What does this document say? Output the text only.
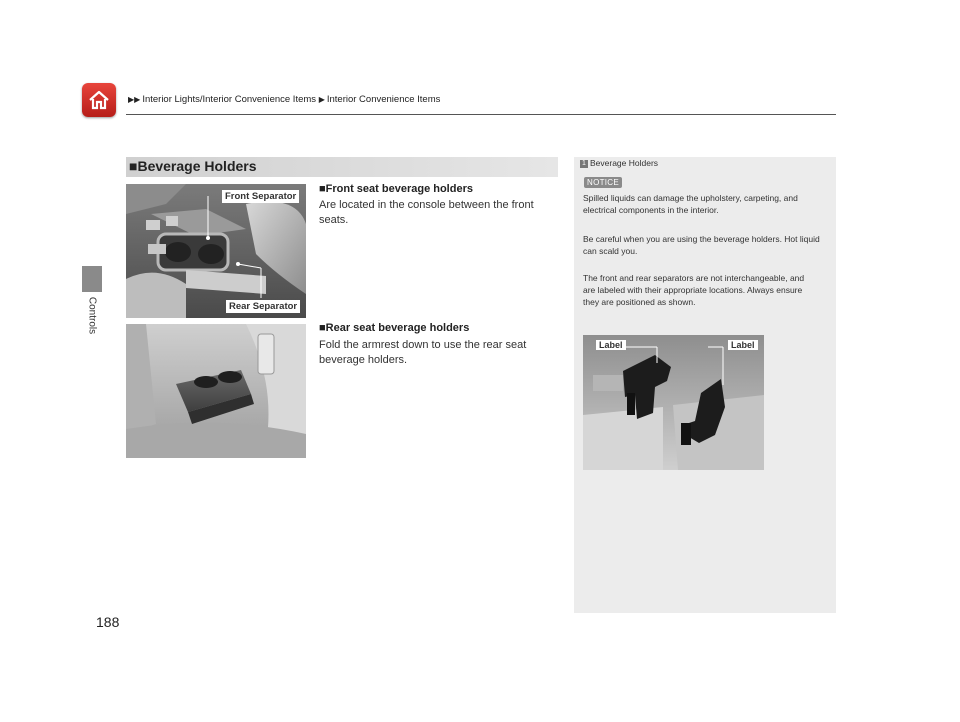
▶▶ Interior Lights/Interior Convenience Items ▶ Interior Convenience Items
Controls
188
■Beverage Holders
Front Separator
Rear Separator
■Front seat beverage holders
Are located in the console between the front seats.
■Rear seat beverage holders
Fold the armrest down to use the rear seat beverage holders.
1 Beverage Holders
NOTICE
Spilled liquids can damage the upholstery, carpeting, and electrical components in the interior.
Be careful when you are using the beverage holders. Hot liquid can scald you.
The front and rear separators are not interchangeable, and are labeled with their appropriate locations. Always ensure they are positioned as shown.
Label	Label
